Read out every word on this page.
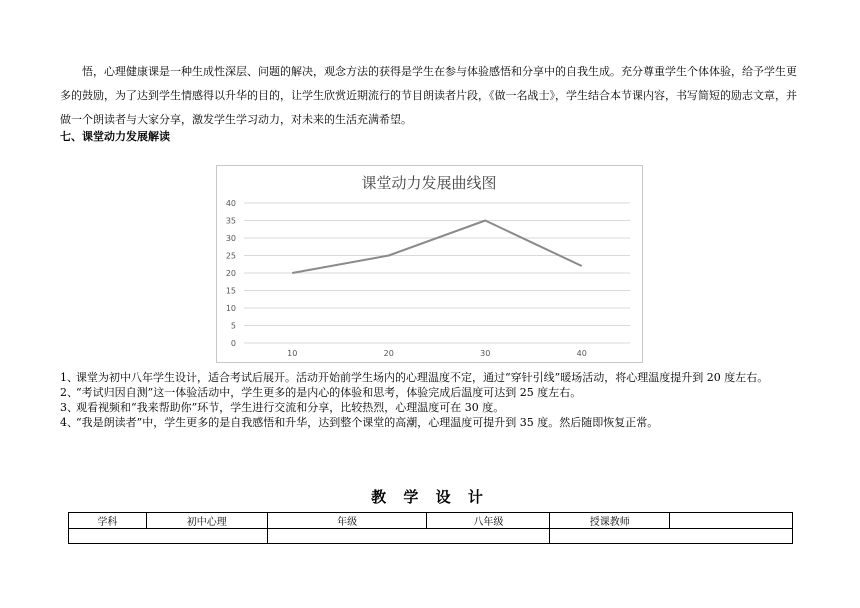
悟，心理健康课是一种生成性深层、问题的解决，观念方法的获得是学生在参与体验感悟和分享中的自我生成。充分尊重学生个体体验，给予学生更多的鼓励，为了达到学生情感得以升华的目的，让学生欣赏近期流行的节目朗读者片段，《做一名战士》，学生结合本节课内容，书写简短的励志文章，并做一个朗读者与大家分享，激发学生学习动力，对未来的生活充满希望。

七、课堂动力发展解读

课堂动力发展曲线图
0
5
10
15
20
25
30
35
40
10	20	30	40
1、
课堂为初中八年学生设计，适合考试后展开。活动开始前学生场内的心理温度不定，通过“穿针引线”暖场活动，将心理温度提升到 20 度左右。
2、
“考试归因自测”这一体验活动中，学生更多的是内心的体验和思考，体验完成后温度可达到 25 度左右。
3、
观看视频和“我来帮助你”环节，学生进行交流和分享，比较热烈，心理温度可在 30 度。
4、
“我是朗读者”中，学生更多的是自我感悟和升华，达到整个课堂的高潮，心理温度可提升到 35 度。然后随即恢复正常。

教 学 设 计

学科	初中心理	年级	八年级	授课教师	
